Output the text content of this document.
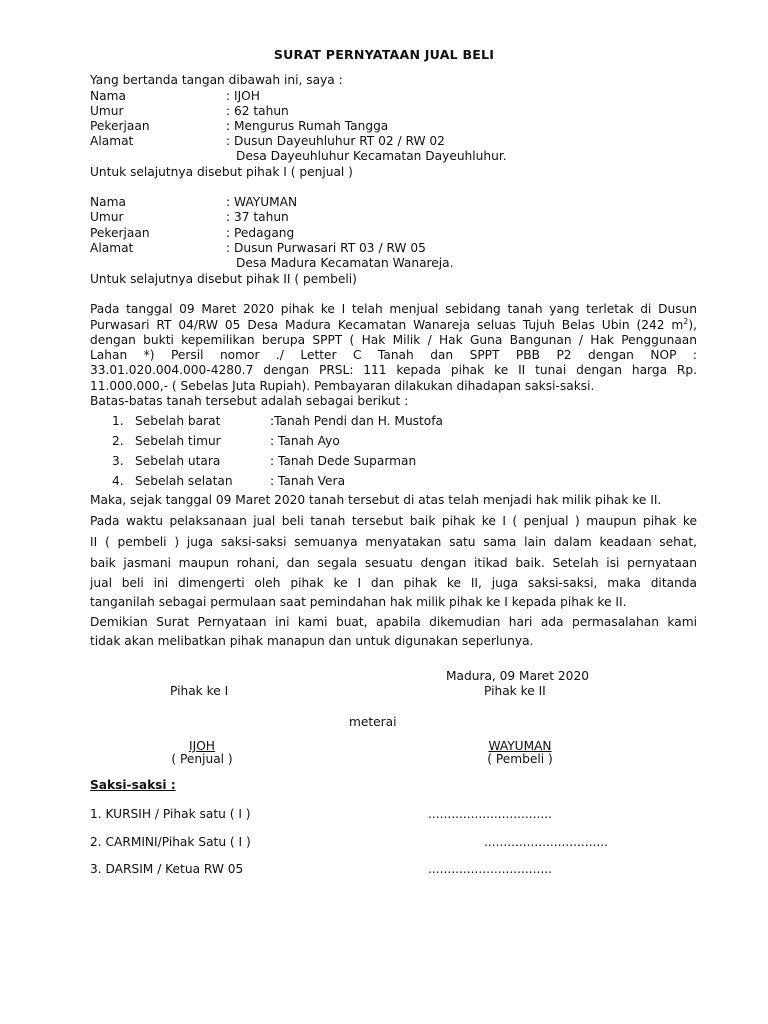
SURAT PERNYATAAN JUAL BELI
Yang bertanda tangan dibawah ini, saya :
Nama	: IJOH
Umur	: 62 tahun
Pekerjaan	: Mengurus Rumah Tangga
Alamat	: Dusun Dayeuhluhur RT 02 / RW 02
Desa Dayeuhluhur Kecamatan Dayeuhluhur.
Untuk selajutnya disebut pihak I ( penjual )
Nama	: WAYUMAN
Umur	: 37 tahun
Pekerjaan	: Pedagang
Alamat	: Dusun Purwasari RT 03 / RW 05
Desa Madura Kecamatan Wanareja.
Untuk selajutnya disebut pihak II ( pembeli)
Pada tanggal 09 Maret 2020 pihak ke I telah menjual sebidang tanah yang terletak di Dusun
Purwasari RT 04/RW 05 Desa Madura Kecamatan Wanareja seluas Tujuh Belas Ubin (242 $m^2$),
dengan bukti kepemilikan berupa SPPT ( Hak Milik / Hak Guna Bangunan / Hak Penggunaan
Lahan *) Persil nomor ./ Letter C Tanah dan SPPT PBB P2 dengan NOP :
33.01.020.004.000-4280.7 dengan PRSL: 111 kepada pihak ke II tunai dengan harga Rp.
11.000.000,- ( Sebelas Juta Rupiah). Pembayaran dilakukan dihadapan saksi-saksi.
Batas-batas tanah tersebut adalah sebagai berikut :
1. Sebelah barat	:Tanah Pendi dan H. Mustofa
2. Sebelah timur	: Tanah Ayo
3. Sebelah utara	: Tanah Dede Suparman
4. Sebelah selatan	: Tanah Vera
Maka, sejak tanggal 09 Maret 2020 tanah tersebut di atas telah menjadi hak milik pihak ke II.
Pada waktu pelaksanaan jual beli tanah tersebut baik pihak ke I ( penjual ) maupun pihak ke
II ( pembeli ) juga saksi-saksi semuanya menyatakan satu sama lain dalam keadaan sehat,
baik jasmani maupun rohani, dan segala sesuatu dengan itikad baik. Setelah isi pernyataan
jual beli ini dimengerti oleh pihak ke I dan pihak ke II, juga saksi-saksi, maka ditanda
tanganilah sebagai permulaan saat pemindahan hak milik pihak ke I kepada pihak ke II.
Demikian Surat Pernyataan ini kami buat, apabila dikemudian hari ada permasalahan kami
tidak akan melibatkan pihak manapun dan untuk digunakan seperlunya.
Madura, 09 Maret 2020
Pihak ke I	Pihak ke II
meterai
IJOH
( Penjual )
WAYUMAN
( Pembeli )
Saksi-saksi :
1. KURSIH / Pihak satu ( I )	................................
2. CARMINI/Pihak Satu ( I )	................................
3. DARSIM / Ketua RW 05	................................
